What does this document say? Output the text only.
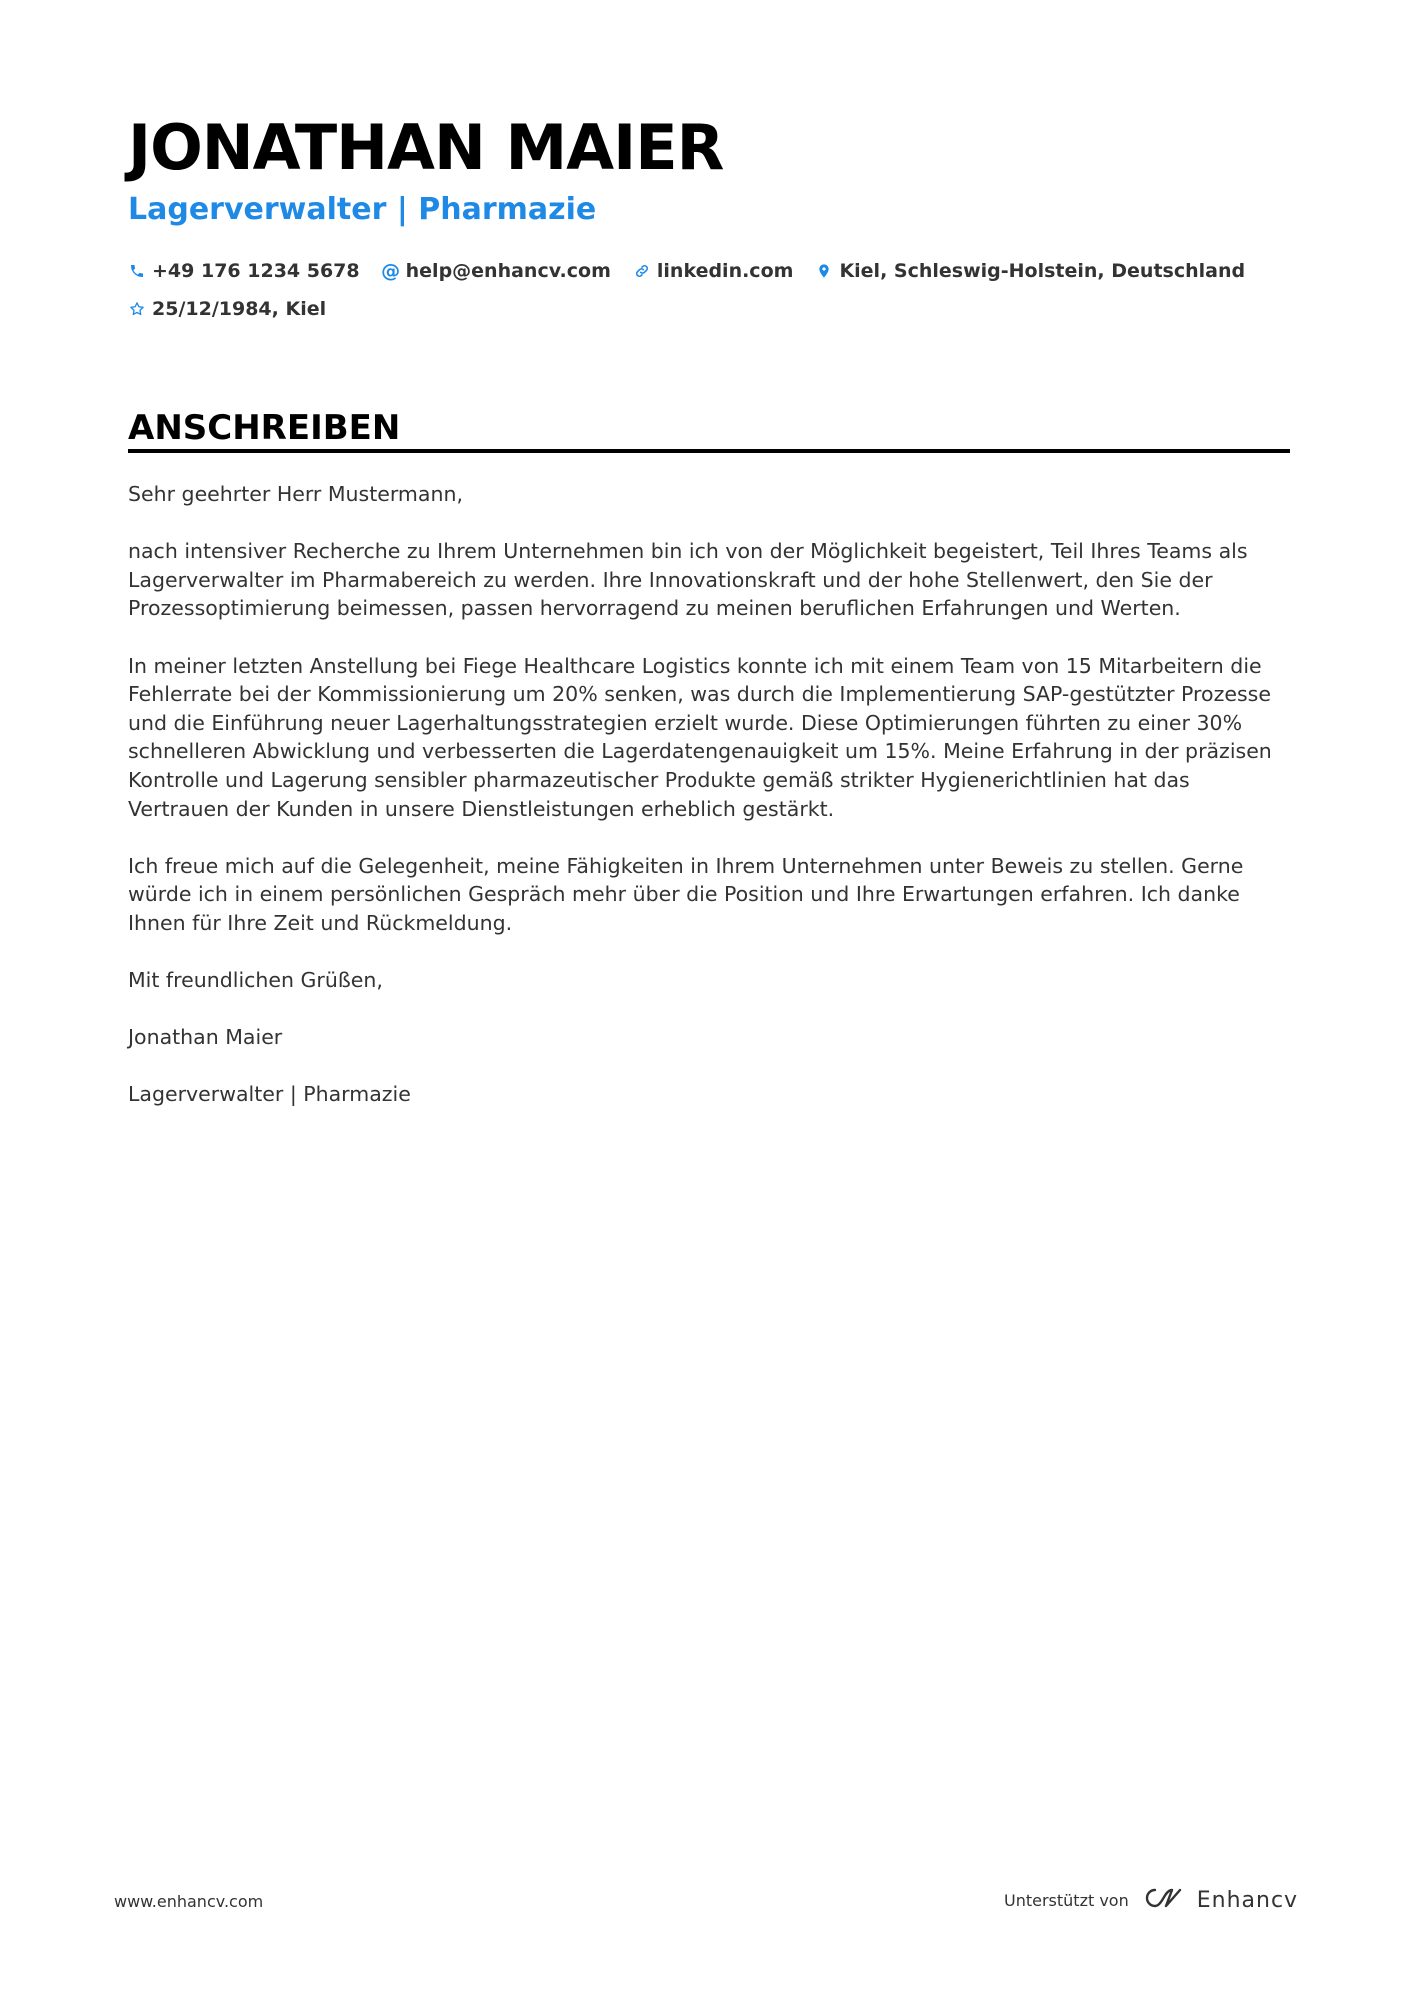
JONATHAN MAIER
Lagerverwalter | Pharmazie
+49 176 1234 5678 @ help@enhancv.com linkedin.com Kiel, Schleswig-Holstein, Deutschland
25/12/1984, Kiel
ANSCHREIBEN

Sehr geehrter Herr Mustermann,

nach intensiver Recherche zu Ihrem Unternehmen bin ich von der Möglichkeit begeistert, Teil Ihres Teams als Lagerverwalter im Pharmabereich zu werden. Ihre Innovationskraft und der hohe Stellenwert, den Sie der Prozessoptimierung beimessen, passen hervorragend zu meinen beruflichen Erfahrungen und Werten.

In meiner letzten Anstellung bei Fiege Healthcare Logistics konnte ich mit einem Team von 15 Mitarbeitern die Fehlerrate bei der Kommissionierung um 20% senken, was durch die Implementierung SAP-gestützter Prozesse und die Einführung neuer Lagerhaltungsstrategien erzielt wurde. Diese Optimierungen führten zu einer 30% schnelleren Abwicklung und verbesserten die Lagerdatengenauigkeit um 15%. Meine Erfahrung in der präzisen Kontrolle und Lagerung sensibler pharmazeutischer Produkte gemäß strikter Hygienerichtlinien hat das Vertrauen der Kunden in unsere Dienstleistungen erheblich gestärkt.

Ich freue mich auf die Gelegenheit, meine Fähigkeiten in Ihrem Unternehmen unter Beweis zu stellen. Gerne würde ich in einem persönlichen Gespräch mehr über die Position und Ihre Erwartungen erfahren. Ich danke Ihnen für Ihre Zeit und Rückmeldung.

Mit freundlichen Grüßen,

Jonathan Maier

Lagerverwalter | Pharmazie

www.enhancv.com	Unterstützt von	Enhancv
